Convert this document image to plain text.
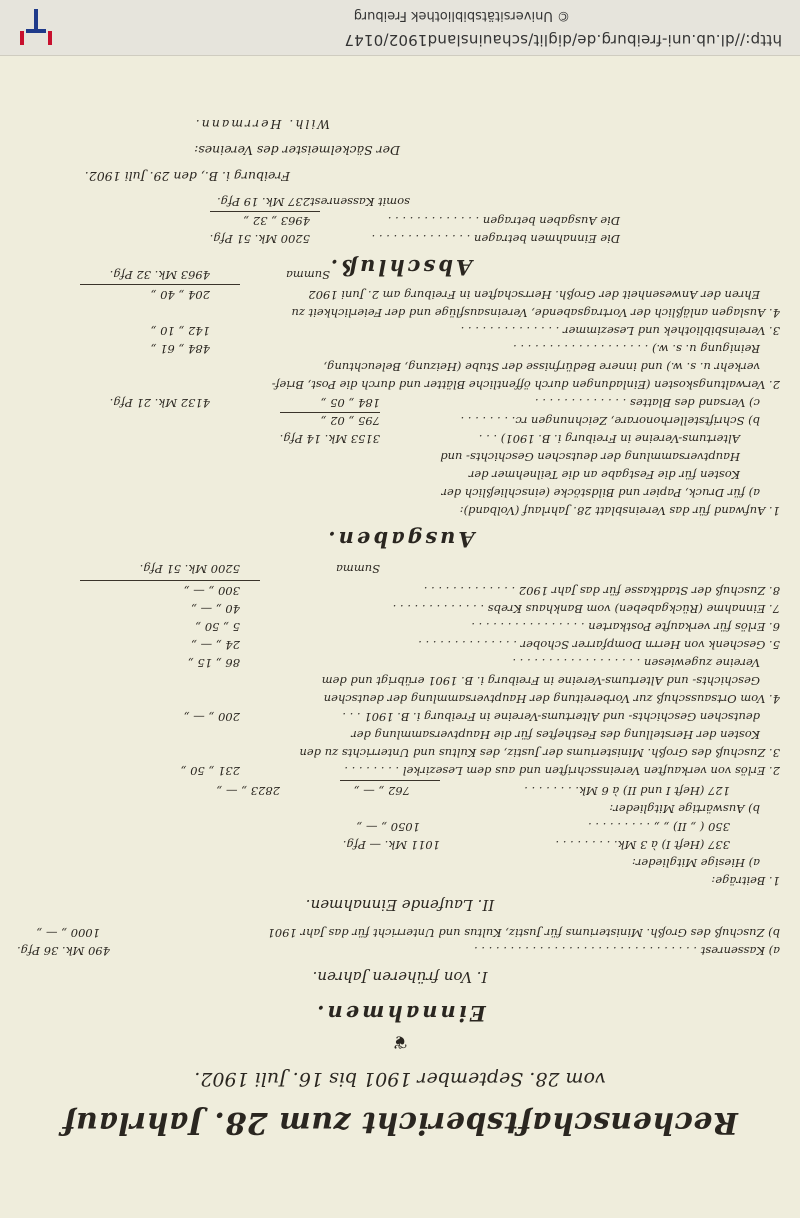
Rechenschaftsbericht zum 28. Jahrlauf
vom 28. September 1901 bis 16. Juli 1902.
❦
Einnahmen.
I. Von früheren Jahren.
a) Kassenrest . . . . . . . . . . . . . . . . . . . . . . . . . . . . . . .
490 Mk. 36 Pfg.
b) Zuschuß des Großh. Ministeriums für Justiz, Kultus und Unterricht für das Jahr 1901
1000 „ — „
II. Laufende Einnahmen.
1. Beiträge:
a) Hiesige Mitglieder:
337 (Heft I) à 3 Mk. . . . . . . . .
1011 Mk. — Pfg.
350 ( „ II) „ „ . . . . . . . . .
1050 „ — „
b) Auswärtige Mitglieder:
127 (Heft I und II) à 6 Mk. . . . . . . .
762 „ — „
2823 „ — „
2. Erlös von verkauften Vereinsschriften und aus dem Lesezirkel . . . . . . . .
231 „ 50 „
3. Zuschuß des Großh. Ministeriums der Justiz, des Kultus und Unterrichts zu den
Kosten der Herstellung des Festheftes für die Hauptversammlung der
deutschen Geschichts- und Altertums-Vereine in Freiburg i. B. 1901 . . .
200 „ — „
4. Vom Ortsausschuß zur Vorbereitung der Hauptversammlung der deutschen
Geschichts- und Altertums-Vereine in Freiburg i. B. 1901 erübrigt und dem
Vereine zugewiesen . . . . . . . . . . . . . . . . . .
86 „ 15 „
5. Geschenk von Herrn Dompfarrer Schober . . . . . . . . . . . . . .
24 „ — „
6. Erlös für verkaufte Postkarten . . . . . . . . . . . . . . . .
5 „ 50 „
7. Einnahme (Rückgabeben) vom Bankhaus Krebs . . . . . . . . . . . . .
40 „ — „
8. Zuschuß der Stadtkasse für das Jahr 1902 . . . . . . . . . . . . .
300 „ — „
Summa
5200 Mk. 51 Pfg.
Ausgaben.
1. Aufwand für das Vereinsblatt 28. Jahrlauf (Volband):
a) für Druck, Papier und Bildstöcke (einschließlich der
Kosten für die Festgabe an die Teilnehmer der
Hauptversammlung der deutschen Geschichts- und
Altertums-Vereine in Freiburg i. B. 1901) . . .
3153 Mk. 14 Pfg.
b) Schriftstellerhonorare, Zeichnungen rc. . . . . . . .
795 „ 02 „
c) Versand des Blattes . . . . . . . . . . . . .
184 „ 05 „
4132 Mk. 21 Pfg.
2. Verwaltungskosten (Einladungen durch öffentliche Blätter und durch die Post, Brief-
verkehr u. s. w.) und innere Bedürfnisse der Stube (Heizung, Beleuchtung,
Reinigung u. s. w.) . . . . . . . . . . . . . . . . . . .
484 „ 61 „
3. Vereinsbibliothek und Lesezimmer . . . . . . . . . . . . . .
142 „ 10 „
4. Auslagen anläßlich der Vortragsabende, Vereinsausflüge und der Feierlichkeit zu
Ehren der Anwesenheit der Großh. Herrschaften in Freiburg am 2. Juni 1902
204 „ 40 „
Summa
4963 Mk. 32 Pfg.	Abschluß.
Die Einnahmen betragen . . . . . . . . . . . . . .
5200 Mk. 51 Pfg.
Die Ausgaben betragen . . . . . . . . . . . . .
4963 „ 32 „
somit Kassenrest
237 Mk. 19 Pfg.
Freiburg i. B., den 29. Juli 1902.
Der Säckelmeister des Vereines:
Wilh. Herrmann.
http://dl.ub.uni-freiburg.de/diglit/schauinsland1902/0147
© Universitätsbibliothek Freiburg
